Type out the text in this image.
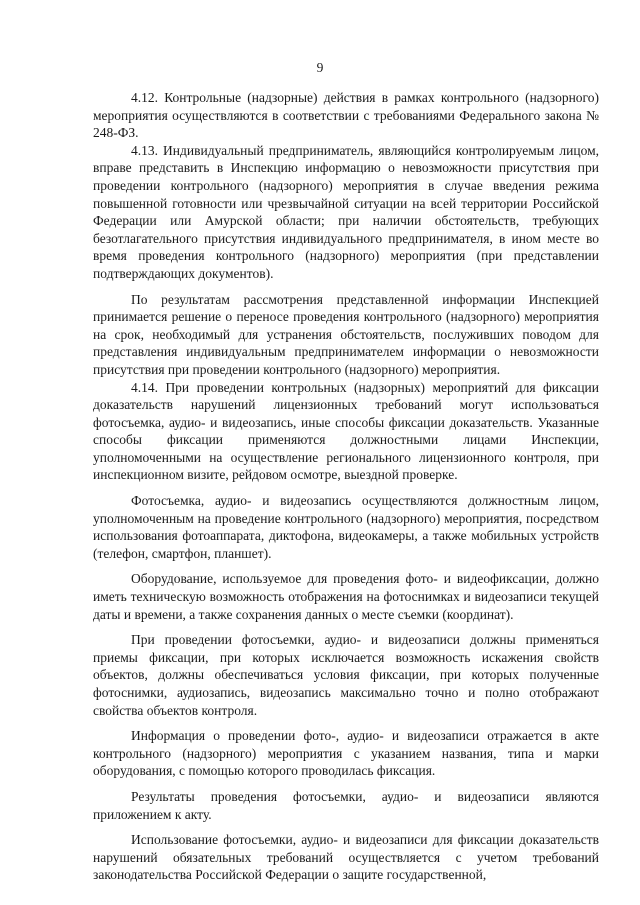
9

4.12. Контрольные (надзорные) действия в рамках контрольного (надзорного) мероприятия осуществляются в соответствии с требованиями Федерального закона № 248-ФЗ.

4.13. Индивидуальный предприниматель, являющийся контролируемым лицом, вправе представить в Инспекцию информацию о невозможности присутствия при проведении контрольного (надзорного) мероприятия в случае введения режима повышенной готовности или чрезвычайной ситуации на всей территории Российской Федерации или Амурской области; при наличии обстоятельств, требующих безотлагательного присутствия индивидуального предпринимателя, в ином месте во время проведения контрольного (надзорного) мероприятия (при представлении подтверждающих документов).

По результатам рассмотрения представленной информации Инспекцией принимается решение о переносе проведения контрольного (надзорного) мероприятия на срок, необходимый для устранения обстоятельств, послуживших поводом для представления индивидуальным предпринимателем информации о невозможности присутствия при проведении контрольного (надзорного) мероприятия.

4.14. При проведении контрольных (надзорных) мероприятий для фиксации доказательств нарушений лицензионных требований могут использоваться фотосъемка, аудио- и видеозапись, иные способы фиксации доказательств. Указанные способы фиксации применяются должностными лицами Инспекции, уполномоченными на осуществление регионального лицензионного контроля, при инспекционном визите, рейдовом осмотре, выездной проверке.

Фотосъемка, аудио- и видеозапись осуществляются должностным лицом, уполномоченным на проведение контрольного (надзорного) мероприятия, посредством использования фотоаппарата, диктофона, видеокамеры, а также мобильных устройств (телефон, смартфон, планшет).

Оборудование, используемое для проведения фото- и видеофиксации, должно иметь техническую возможность отображения на фотоснимках и видеозаписи текущей даты и времени, а также сохранения данных о месте съемки (координат).

При проведении фотосъемки, аудио- и видеозаписи должны применяться приемы фиксации, при которых исключается возможность искажения свойств объектов, должны обеспечиваться условия фиксации, при которых полученные фотоснимки, аудиозапись, видеозапись максимально точно и полно отображают свойства объектов контроля.

Информация о проведении фото-, аудио- и видеозаписи отражается в акте контрольного (надзорного) мероприятия с указанием названия, типа и марки оборудования, с помощью которого проводилась фиксация.

Результаты проведения фотосъемки, аудио- и видеозаписи являются приложением к акту.

Использование фотосъемки, аудио- и видеозаписи для фиксации доказательств нарушений обязательных требований осуществляется с учетом требований законодательства Российской Федерации о защите государственной,
